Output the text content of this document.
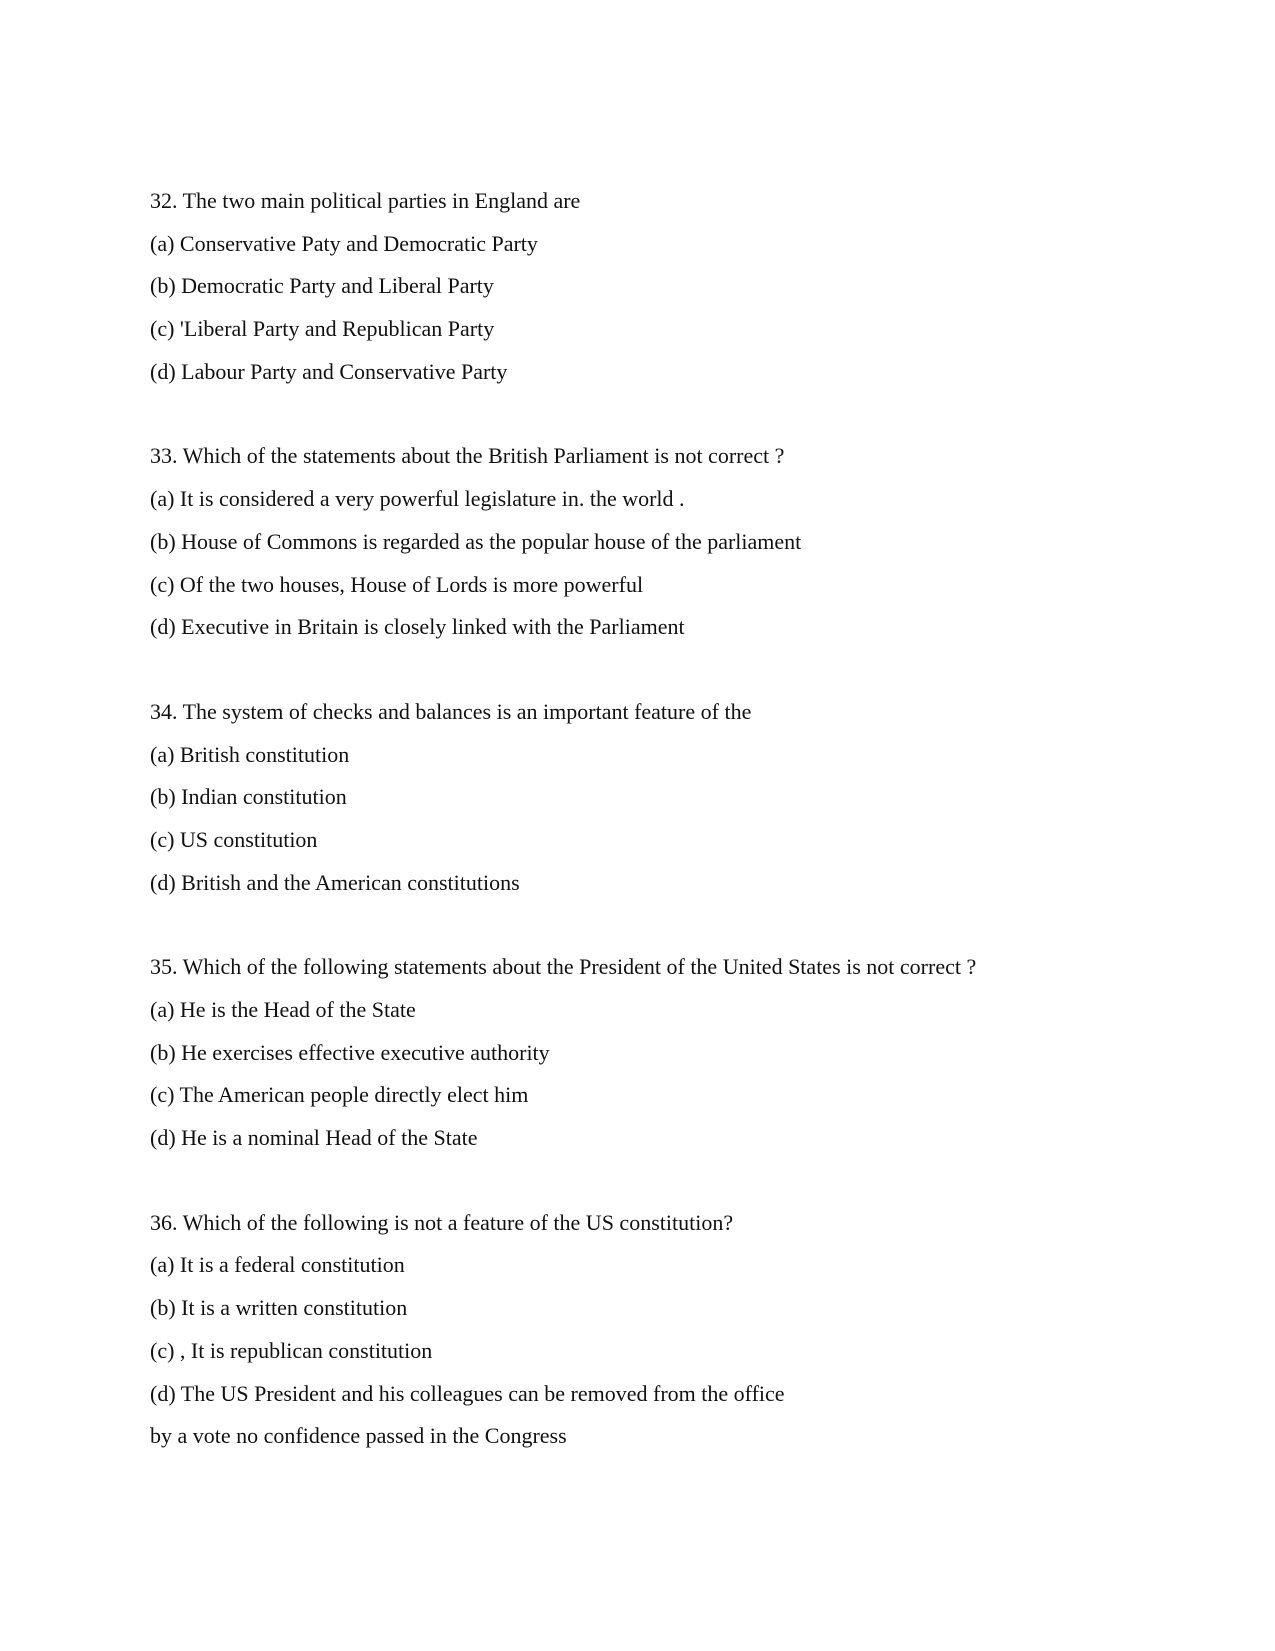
32. The two main political parties in England are

(a) Conservative Paty and Democratic Party

(b) Democratic Party and Liberal Party

(c) 'Liberal Party and Republican Party

(d) Labour Party and Conservative Party

33. Which of the statements about the British Parliament is not correct ?

(a) It is considered a very powerful legislature in. the world .

(b) House of Commons is regarded as the popular house of the parliament

(c) Of the two houses, House of Lords is more powerful

(d) Executive in Britain is closely linked with the Parliament

34. The system of checks and balances is an important feature of the

(a) British constitution

(b) Indian constitution

(c) US constitution

(d) British and the American constitutions

35. Which of the following statements about the President of the United States is not correct ?

(a) He is the Head of the State

(b) He exercises effective executive authority

(c) The American people directly elect him

(d) He is a nominal Head of the State

36. Which of the following is not a feature of the US constitution?

(a) It is a federal constitution

(b) It is a written constitution

(c) , It is republican constitution

(d) The US President and his colleagues can be removed from the office

by a vote no confidence passed in the Congress
